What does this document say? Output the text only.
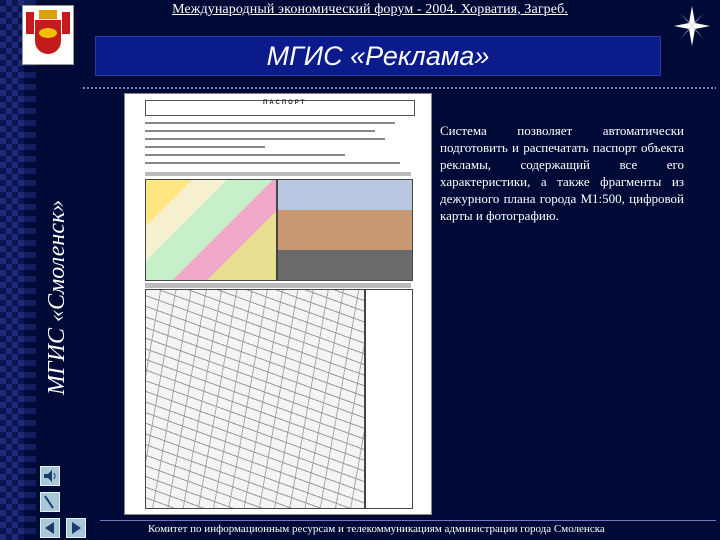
Международный экономический форум - 2004. Хорватия, Загреб.
МГИС «Реклама»
МГИС «Смоленск»
ПАСПОРТ
Система позволяет автоматически подготовить и распечатать паспорт объекта рекламы, содержащий все его характеристики, а также фрагменты из дежурного плана города М1:500, цифровой карты и фотографию.
Комитет по информационным ресурсам и телекоммуникациям администрации города Смоленска
